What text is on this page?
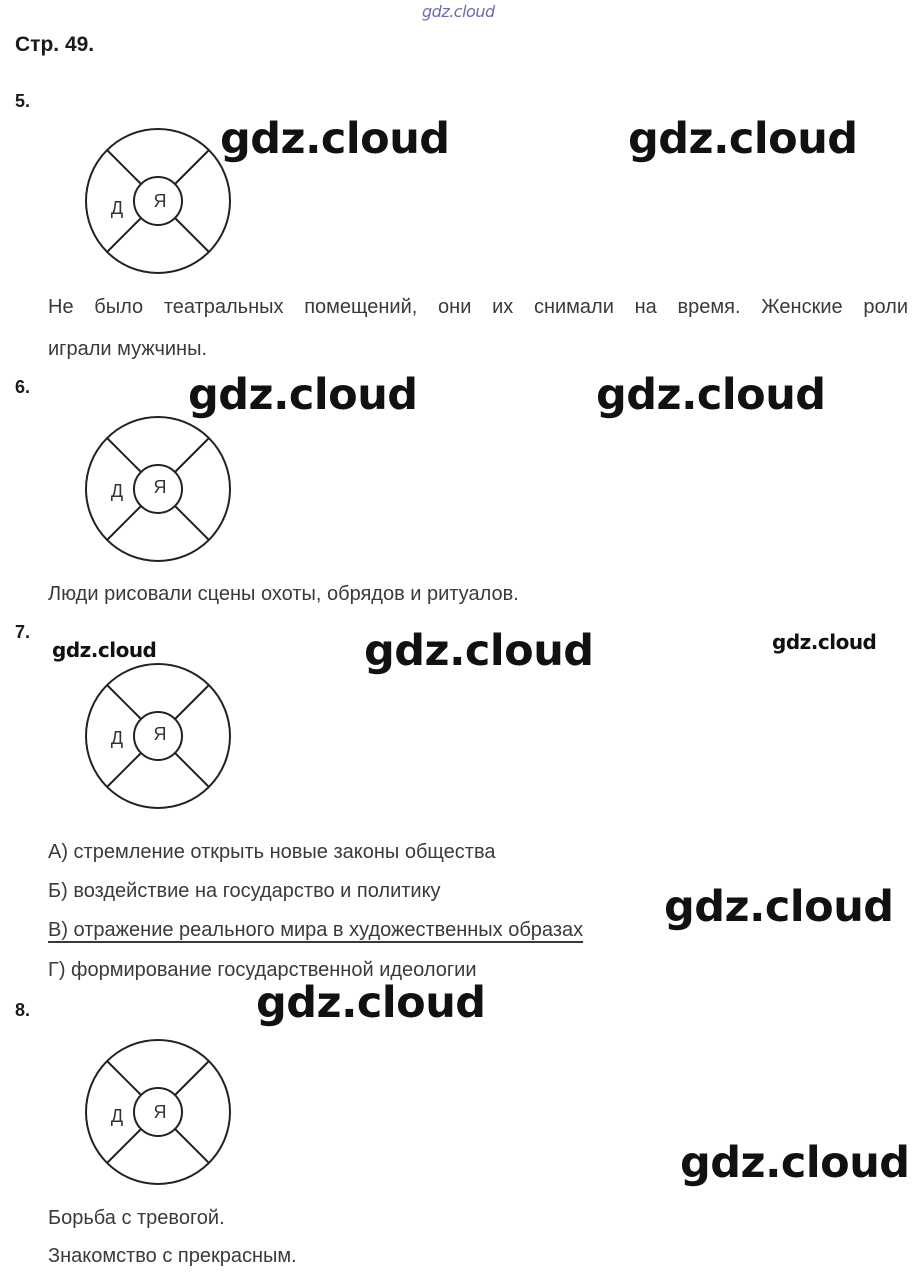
gdz.cloud
Стр. 49.
5.
Д Я
Не было театральных помещений, они их снимали на время. Женские роли
играли мужчины.
6.
Д Я
Люди рисовали сцены охоты, обрядов и ритуалов.
7.
Д Я
А) стремление открыть новые законы общества
Б) воздействие на государство и политику
В) отражение реального мира в художественных образах
Г) формирование государственной идеологии
8.
Д Я
Борьба с тревогой.
Знакомство с прекрасным.
gdz.cloud	gdz.cloud
gdz.cloud	gdz.cloud
gdz.cloud	gdz.cloud	gdz.cloud
gdz.cloud
gdz.cloud
gdz.cloud
